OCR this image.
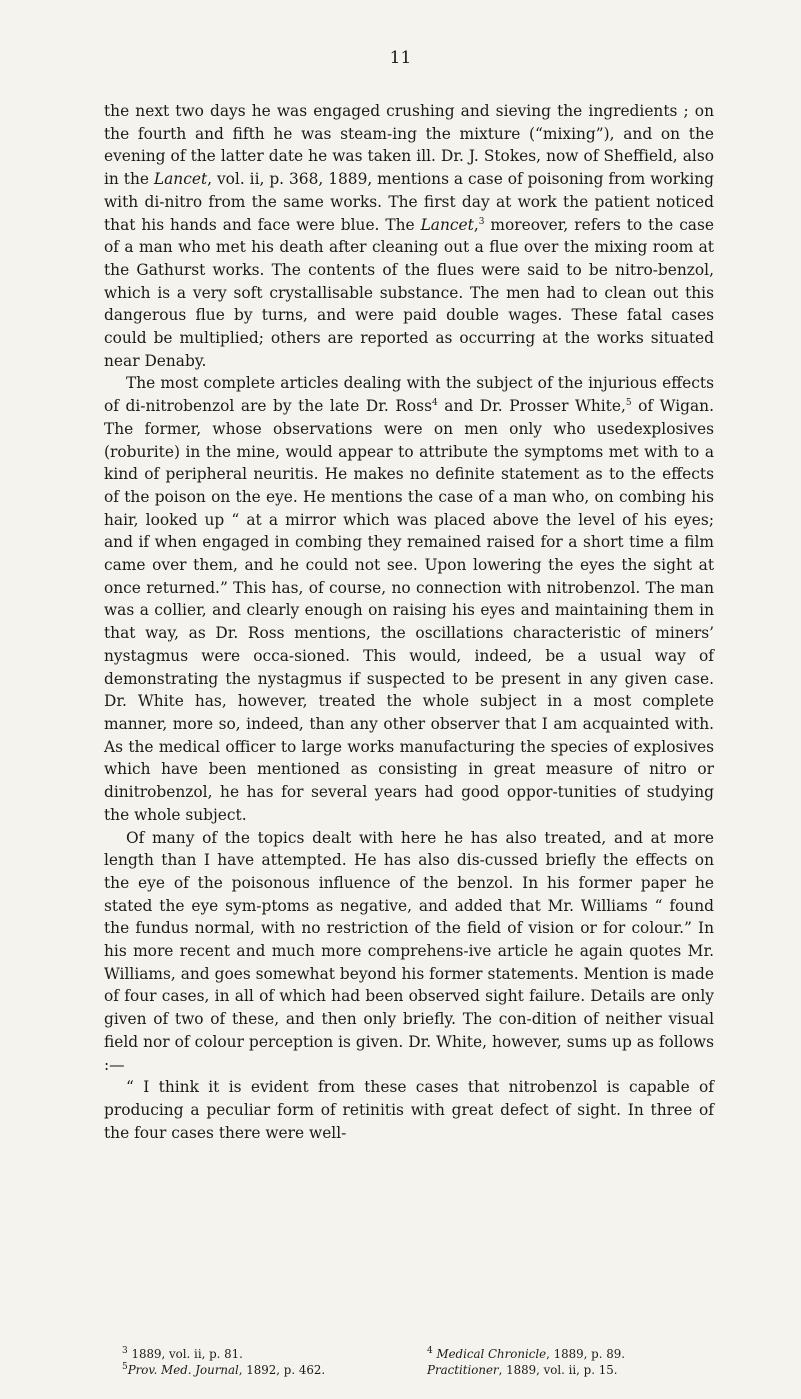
11

the next two days he was engaged crushing and sieving the ingredients ; on the fourth and fifth he was steam-ing the mixture (“mixing”), and on the evening of the latter date he was taken ill. Dr. J. Stokes, now of Sheffield, also in the Lancet, vol. ii, p. 368, 1889, mentions a case of poisoning from working with di-nitro from the same works. The first day at work the patient noticed that his hands and face were blue. The Lancet,$^3$ moreover, refers to the case of a man who met his death after cleaning out a flue over the mixing room at the Gathurst works. The contents of the flues were said to be nitro-benzol, which is a very soft crystallisable substance. The men had to clean out this dangerous flue by turns, and were paid double wages. These fatal cases could be multiplied; others are reported as occurring at the works situated near Denaby.

The most complete articles dealing with the subject of the injurious effects of di-nitrobenzol are by the late Dr. Ross$^4$ and Dr. Prosser White,$^5$ of Wigan. The former, whose observations were on men only who usedexplosives (roburite) in the mine, would appear to attribute the symptoms met with to a kind of peripheral neuritis. He makes no definite statement as to the effects of the poison on the eye. He mentions the case of a man who, on combing his hair, looked up “ at a mirror which was placed above the level of his eyes; and if when engaged in combing they remained raised for a short time a film came over them, and he could not see. Upon lowering the eyes the sight at once returned.” This has, of course, no connection with nitrobenzol. The man was a collier, and clearly enough on raising his eyes and maintaining them in that way, as Dr. Ross mentions, the oscillations characteristic of miners’ nystagmus were occa-sioned. This would, indeed, be a usual way of demonstrating the nystagmus if suspected to be present in any given case. Dr. White has, however, treated the whole subject in a most complete manner, more so, indeed, than any other observer that I am acquainted with. As the medical officer to large works manufacturing the species of explosives which have been mentioned as consisting in great measure of nitro or dinitrobenzol, he has for several years had good oppor-tunities of studying the whole subject.

Of many of the topics dealt with here he has also treated, and at more length than I have attempted. He has also dis-cussed briefly the effects on the eye of the poisonous influence of the benzol. In his former paper he stated the eye sym-ptoms as negative, and added that Mr. Williams “ found the fundus normal, with no restriction of the field of vision or for colour.” In his more recent and much more comprehens-ive article he again quotes Mr. Williams, and goes somewhat beyond his former statements. Mention is made of four cases, in all of which had been observed sight failure. Details are only given of two of these, and then only briefly. The con-dition of neither visual field nor of colour perception is given. Dr. White, however, sums up as follows :—

“ I think it is evident from these cases that nitrobenzol is capable of producing a peculiar form of retinitis with great defect of sight. In three of the four cases there were well-

$^3$ 1889, vol. ii, p. 81.	$^4$ Medical Chronicle, 1889, p. 89.
$^5$Prov. Med. Journal, 1892, p. 462.	Practitioner, 1889, vol. ii, p. 15.
